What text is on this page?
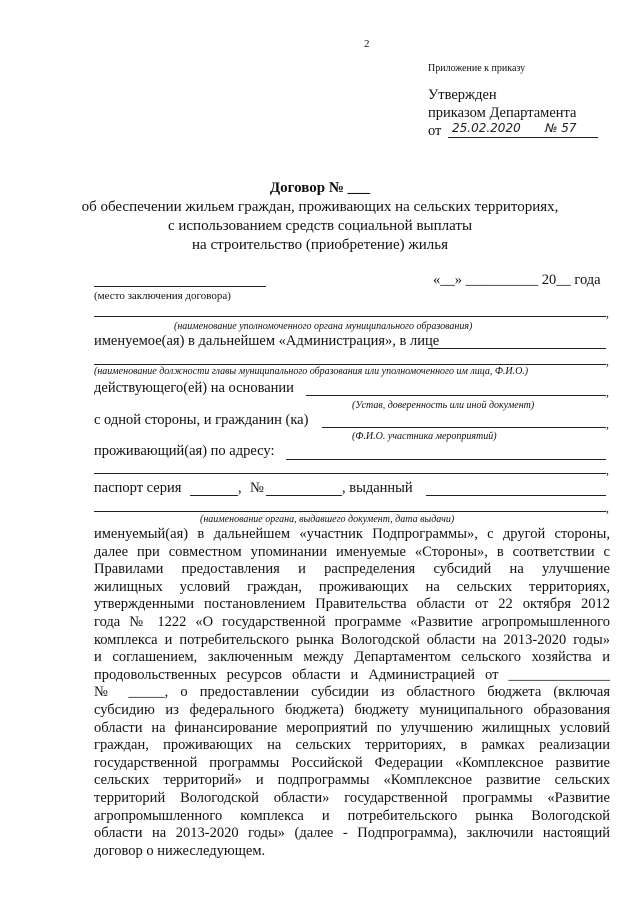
2
Приложение к приказу
Утвержден
приказом Департамента
от 25.02.2020 № 57
Договор № ___
об обеспечении жильем граждан, проживающих на сельских территориях,
с использованием средств социальной выплаты
на строительство (приобретение) жилья
(место заключения договора)
«__» __________ 20__ года
,
(наименование уполномоченного органа муниципального образования)
именуемое(ая) в дальнейшем «Администрация», в лице
,
(наименование должности главы муниципального образования или уполномоченного им лица, Ф.И.О.)
действующего(ей) на основании	,
(Устав, доверенность или иной документ)
с одной стороны, и гражданин (ка)	,
(Ф.И.О. участника мероприятий)
проживающий(ая) по адресу:
,
паспорт серия	, №	, выданный
,
(наименование органа, выдавшего документ, дата выдачи)
именуемый(ая) в дальнейшем «участник Подпрограммы», с другой стороны,
далее при совместном упоминании именуемые «Стороны», в соответствии с
Правилами предоставления и распределения субсидий на улучшение
жилищных условий граждан, проживающих на сельских территориях,
утвержденными постановлением Правительства области от 22 октября 2012
года № 1222 «О государственной программе «Развитие агропромышленного
комплекса и потребительского рынка Вологодской области на 2013-2020 годы»
и соглашением, заключенным между Департаментом сельского хозяйства и
продовольственных ресурсов области и Администрацией от ______________
№ _____, о предоставлении субсидии из областного бюджета (включая
субсидию из федерального бюджета) бюджету муниципального образования
области на финансирование мероприятий по улучшению жилищных условий
граждан, проживающих на сельских территориях, в рамках реализации
государственной программы Российской Федерации «Комплексное развитие
сельских территорий» и подпрограммы «Комплексное развитие сельских
территорий Вологодской области» государственной программы «Развитие
агропромышленного комплекса и потребительского рынка Вологодской
области на 2013-2020 годы» (далее - Подпрограмма), заключили настоящий
договор о нижеследующем.
